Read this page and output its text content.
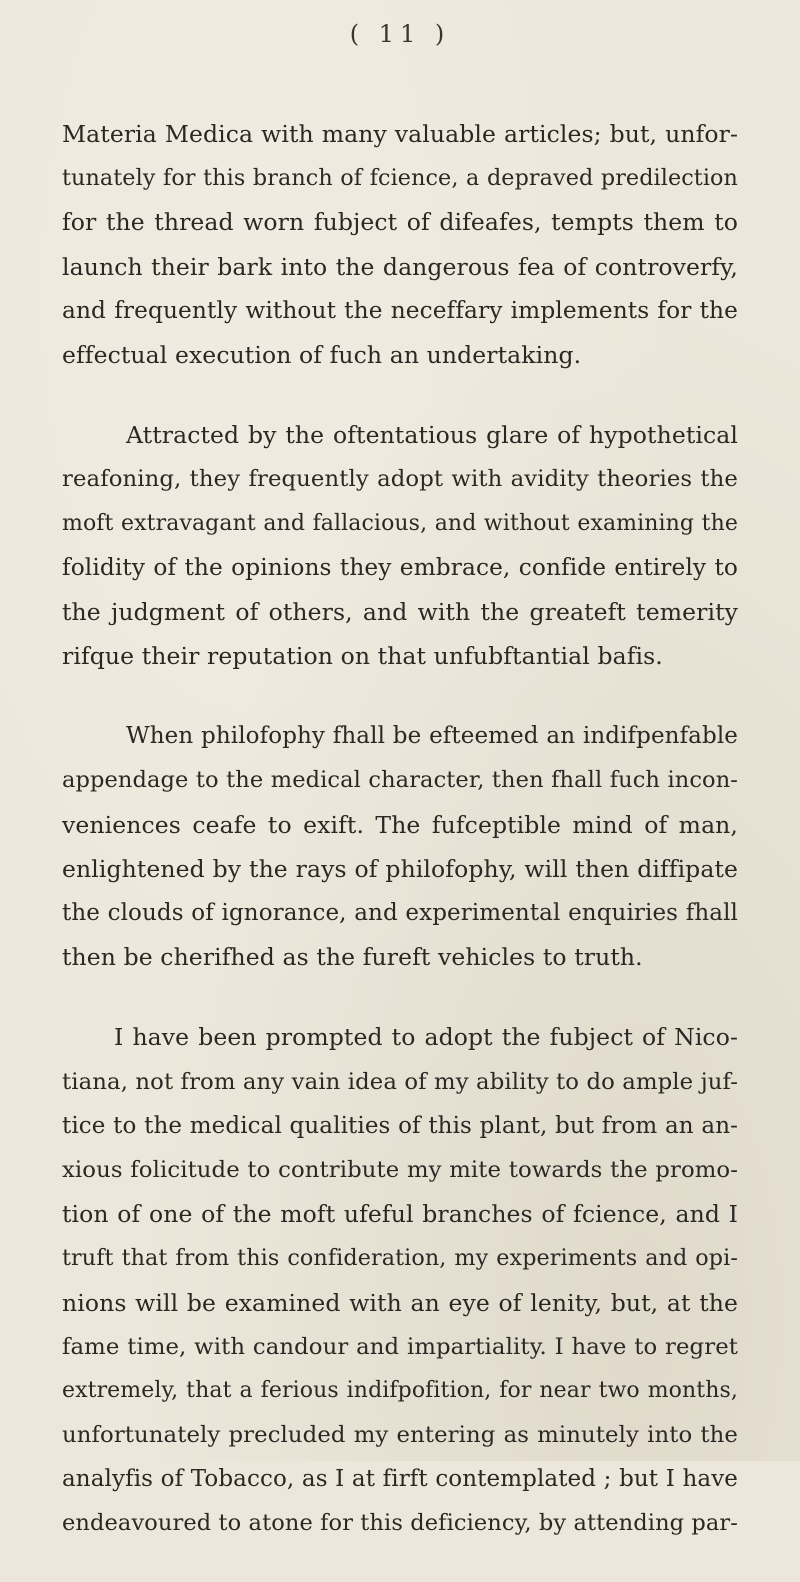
( 11 )
Materia Medica with many valuable articles; but, unfor-
tunately for this branch of fcience, a depraved predilection
for the thread worn fubject of difeafes, tempts them to
launch their bark into the dangerous fea of controverfy,
and frequently without the neceffary implements for the
effectual execution of fuch an undertaking.
Attracted by the oftentatious glare of hypothetical
reafoning, they frequently adopt with avidity theories the
moft extravagant and fallacious, and without examining the
folidity of the opinions they embrace, confide entirely to
the judgment of others, and with the greateft temerity
rifque their reputation on that unfubftantial bafis.
When philofophy fhall be efteemed an indifpenfable
appendage to the medical character, then fhall fuch incon-
veniences ceafe to exift. The fufceptible mind of man,
enlightened by the rays of philofophy, will then diffipate
the clouds of ignorance, and experimental enquiries fhall
then be cherifhed as the fureft vehicles to truth.
I have been prompted to adopt the fubject of Nico-
tiana, not from any vain idea of my ability to do ample juf-
tice to the medical qualities of this plant, but from an an-
xious folicitude to contribute my mite towards the promo-
tion of one of the moft ufeful branches of fcience, and I
truft that from this confideration, my experiments and opi-
nions will be examined with an eye of lenity, but, at the
fame time, with candour and impartiality. I have to regret
extremely, that a ferious indifpofition, for near two months,
unfortunately precluded my entering as minutely into the
analyfis of Tobacco, as I at firft contemplated ; but I have
endeavoured to atone for this deficiency, by attending par-
